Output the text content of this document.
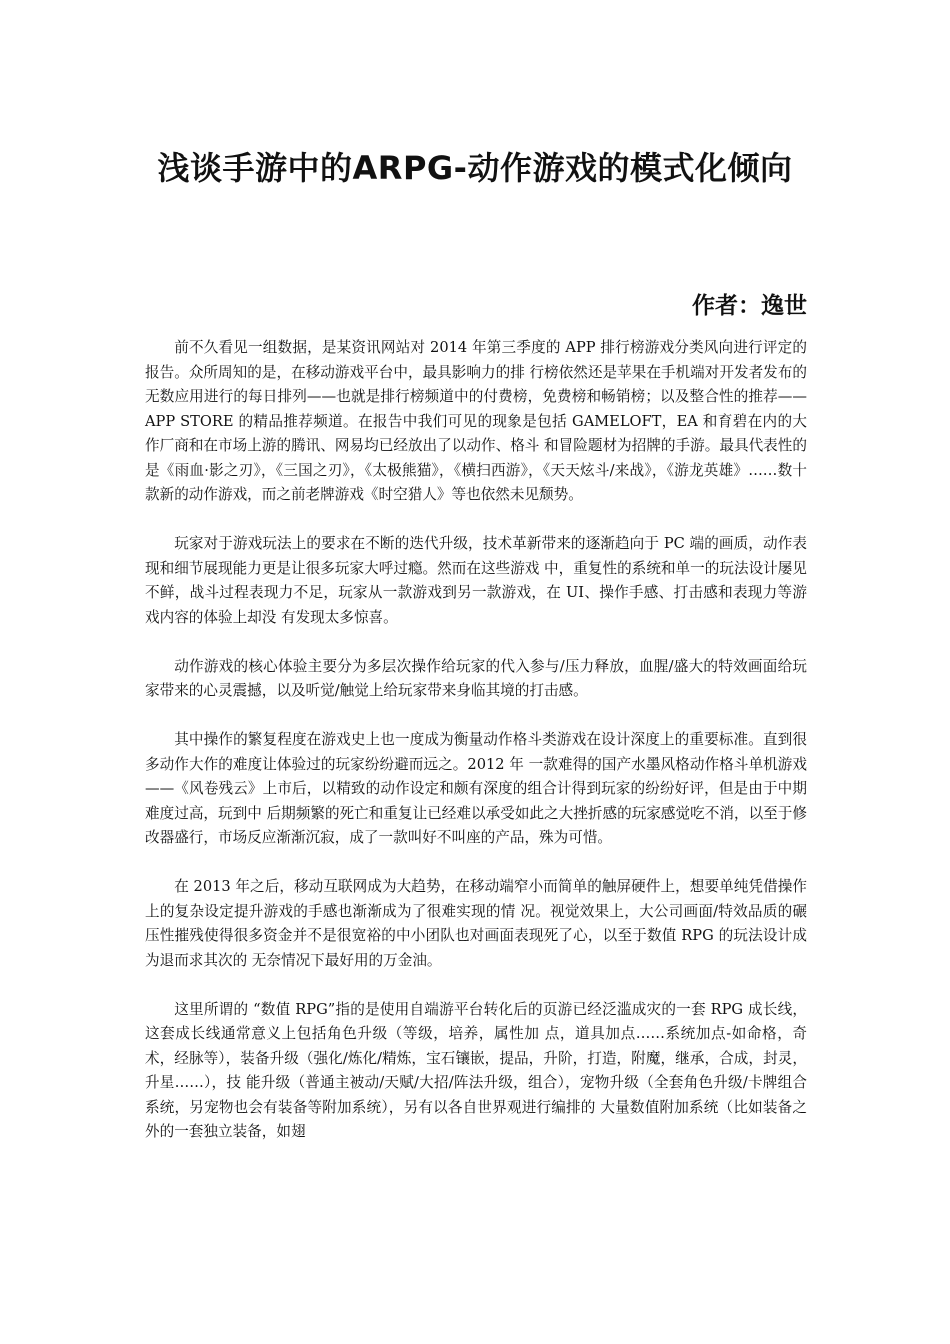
浅谈手游中的ARPG-动作游戏的模式化倾向
作者：逸世

前不久看见一组数据，是某资讯网站对 2014 年第三季度的 APP 排行榜游戏分类风向进行评定的报告。众所周知的是，在移动游戏平台中，最具影响力的排 行榜依然还是苹果在手机端对开发者发布的无数应用进行的每日排列——也就是排行榜频道中的付费榜，免费榜和畅销榜；以及整合性的推荐——APP STORE 的精品推荐频道。在报告中我们可见的现象是包括 GAMELOFT，EA 和育碧在内的大作厂商和在市场上游的腾讯、网易均已经放出了以动作、格斗 和冒险题材为招牌的手游。最具代表性的是《雨血·影之刃》，《三国之刃》，《太极熊猫》，《横扫西游》，《天天炫斗/来战》，《游龙英雄》……数十款新的动作游戏，而之前老牌游戏《时空猎人》等也依然未见颓势。

玩家对于游戏玩法上的要求在不断的迭代升级，技术革新带来的逐渐趋向于 PC 端的画质，动作表现和细节展现能力更是让很多玩家大呼过瘾。然而在这些游戏 中，重复性的系统和单一的玩法设计屡见不鲜，战斗过程表现力不足，玩家从一款游戏到另一款游戏，在 UI、操作手感、打击感和表现力等游戏内容的体验上却没 有发现太多惊喜。

动作游戏的核心体验主要分为多层次操作给玩家的代入参与/压力释放，血腥/盛大的特效画面给玩家带来的心灵震撼，以及听觉/触觉上给玩家带来身临其境的打击感。

其中操作的繁复程度在游戏史上也一度成为衡量动作格斗类游戏在设计深度上的重要标准。直到很多动作大作的难度让体验过的玩家纷纷避而远之。2012 年 一款难得的国产水墨风格动作格斗单机游戏——《风卷残云》上市后，以精致的动作设定和颇有深度的组合计得到玩家的纷纷好评，但是由于中期难度过高，玩到中 后期频繁的死亡和重复让已经难以承受如此之大挫折感的玩家感觉吃不消，以至于修改器盛行，市场反应渐渐沉寂，成了一款叫好不叫座的产品，殊为可惜。

在 2013 年之后，移动互联网成为大趋势，在移动端窄小而简单的触屏硬件上，想要单纯凭借操作上的复杂设定提升游戏的手感也渐渐成为了很难实现的情 况。视觉效果上，大公司画面/特效品质的碾压性摧残使得很多资金并不是很宽裕的中小团队也对画面表现死了心，以至于数值 RPG 的玩法设计成为退而求其次的 无奈情况下最好用的万金油。

这里所谓的 “数值 RPG”指的是使用自端游平台转化后的页游已经泛滥成灾的一套 RPG 成长线，这套成长线通常意义上包括角色升级（等级，培养，属性加 点，道具加点……系统加点-如命格，奇术，经脉等），装备升级（强化/炼化/精炼，宝石镶嵌，提品，升阶，打造，附魔，继承，合成，封灵，升星……），技 能升级（普通主被动/天赋/大招/阵法升级，组合），宠物升级（全套角色升级/卡牌组合系统，另宠物也会有装备等附加系统），另有以各自世界观进行编排的 大量数值附加系统（比如装备之外的一套独立装备，如翅
